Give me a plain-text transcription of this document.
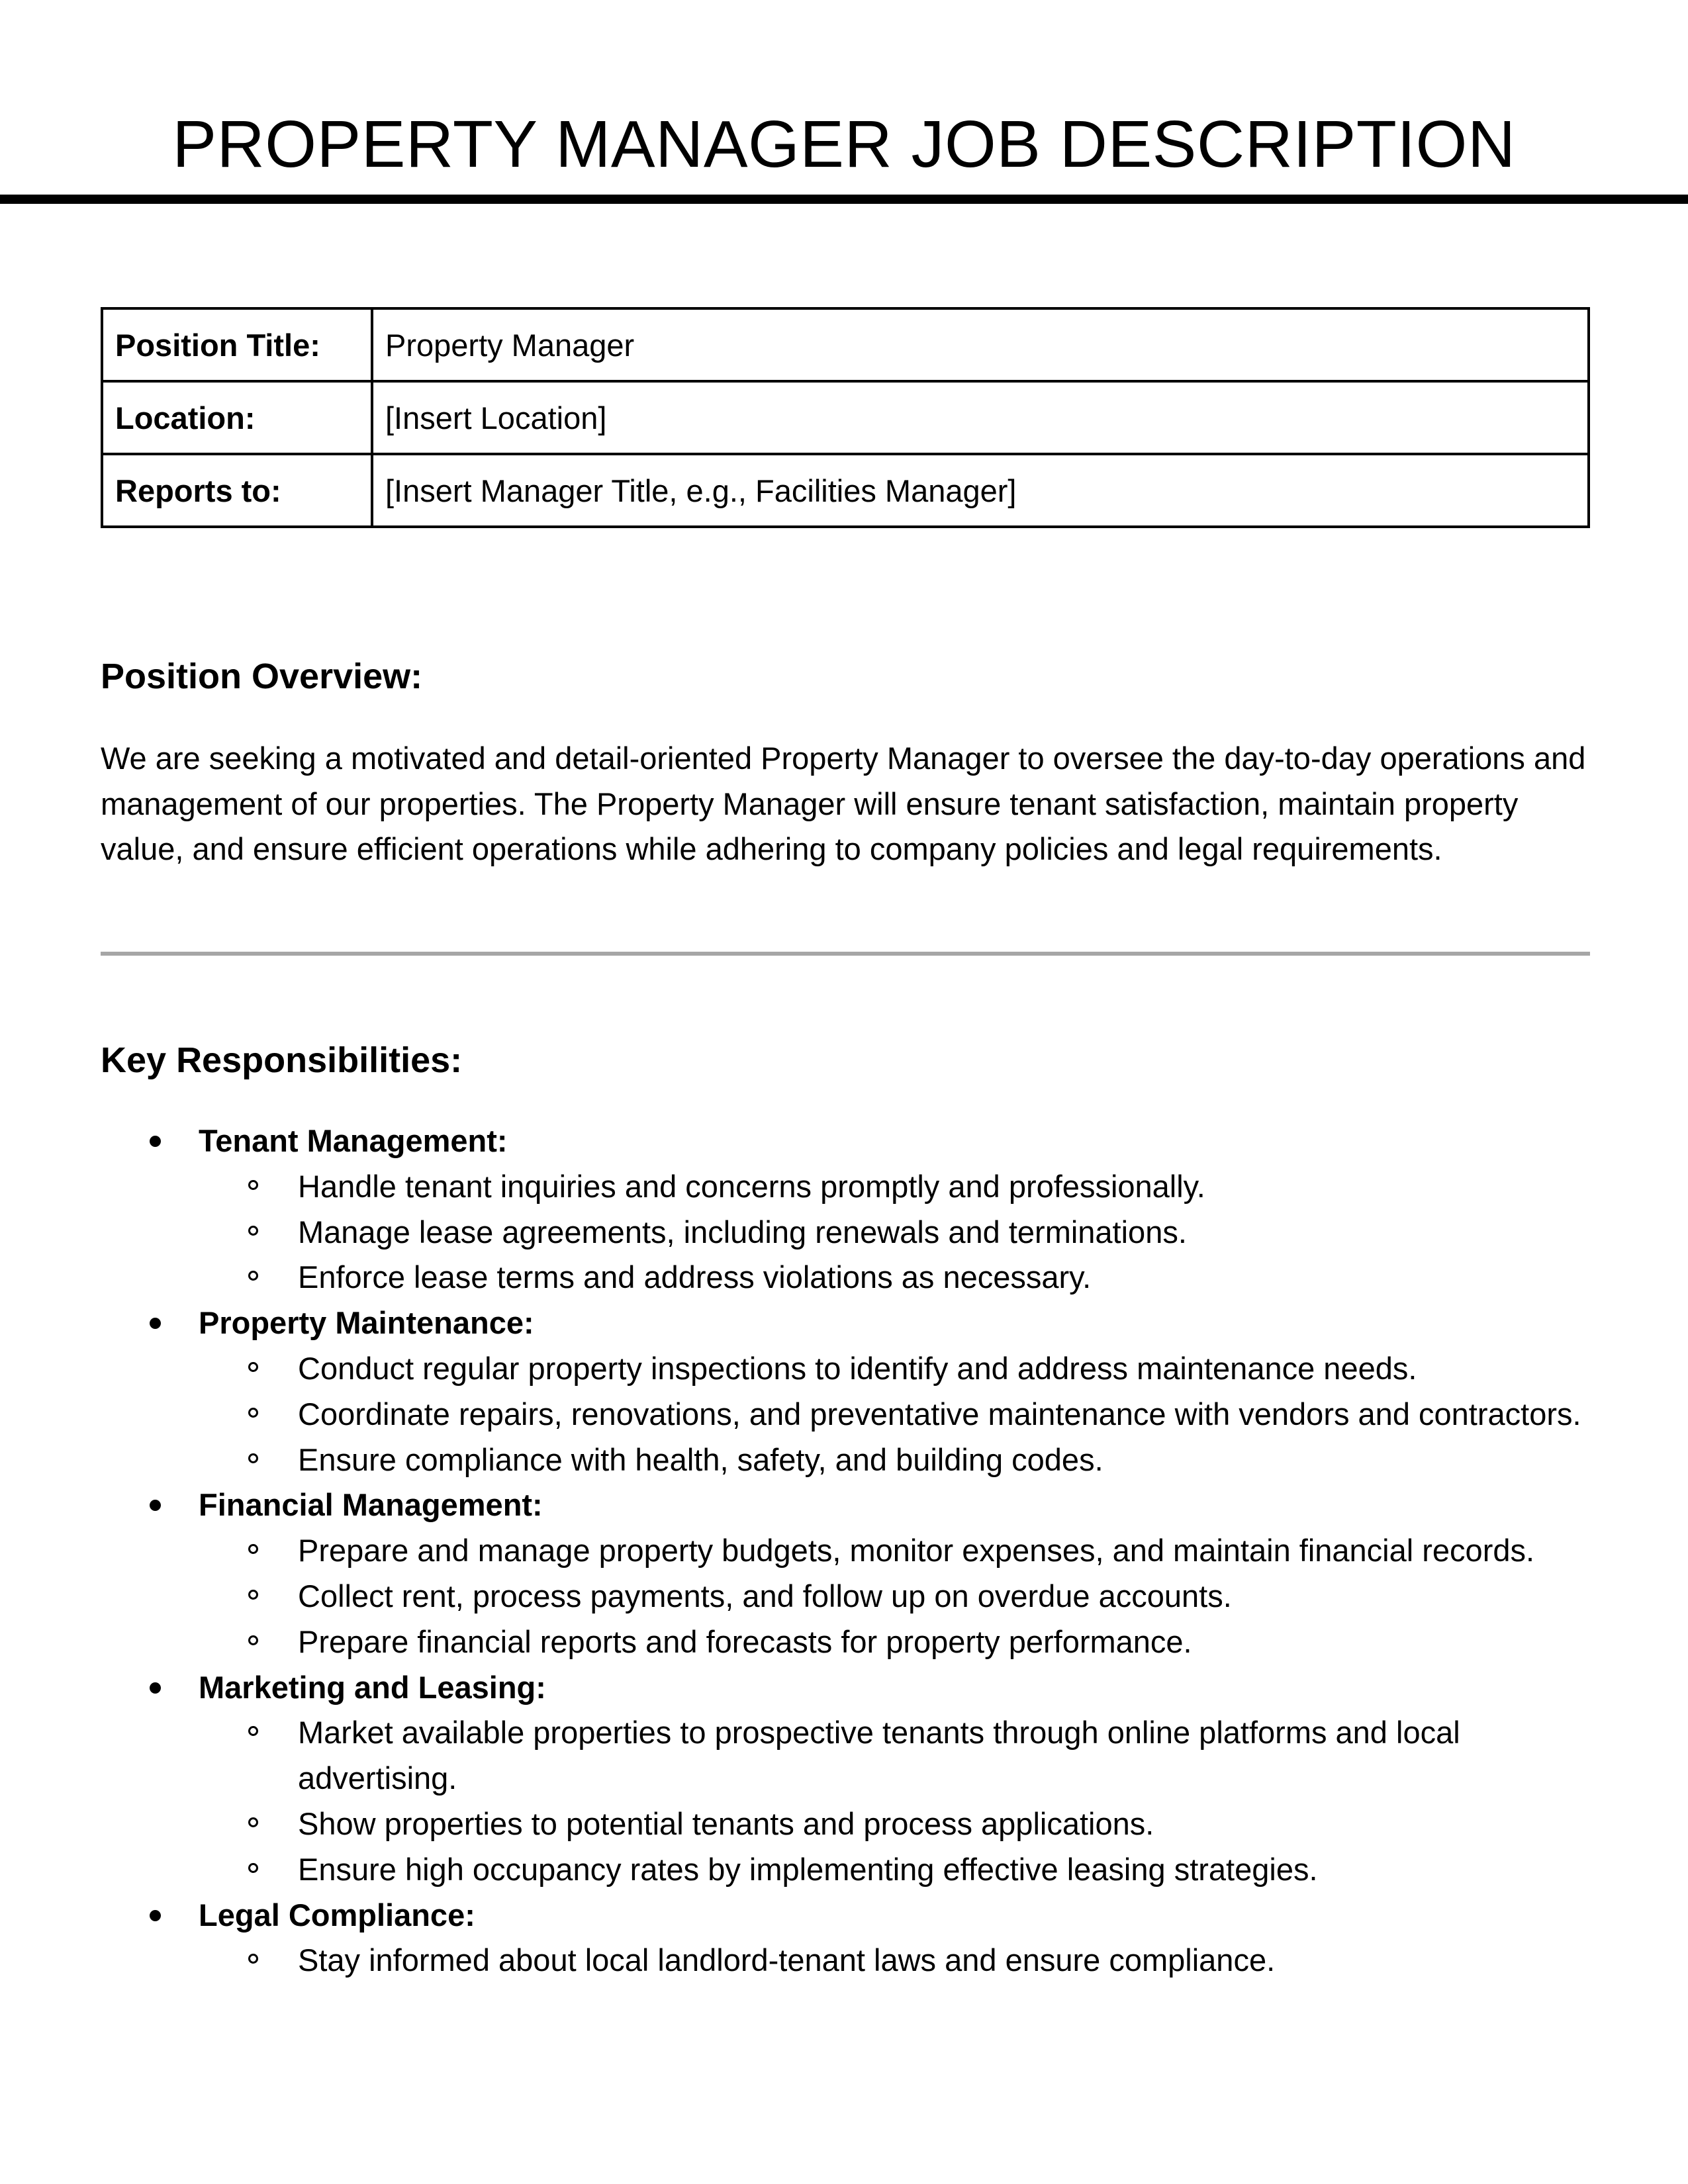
PROPERTY MANAGER JOB DESCRIPTION
Position Title:	Property Manager
Location:	[Insert Location]
Reports to:	[Insert Manager Title, e.g., Facilities Manager]
Position Overview:

We are seeking a motivated and detail-oriented Property Manager to oversee the day-to-day operations and management of our properties. The Property Manager will ensure tenant satisfaction, maintain property value, and ensure efficient operations while adhering to company policies and legal requirements.

Key Responsibilities:
Tenant Management:
Handle tenant inquiries and concerns promptly and professionally.
Manage lease agreements, including renewals and terminations.
Enforce lease terms and address violations as necessary.
Property Maintenance:
Conduct regular property inspections to identify and address maintenance needs.
Coordinate repairs, renovations, and preventative maintenance with vendors and contractors.
Ensure compliance with health, safety, and building codes.
Financial Management:
Prepare and manage property budgets, monitor expenses, and maintain financial records.
Collect rent, process payments, and follow up on overdue accounts.
Prepare financial reports and forecasts for property performance.
Marketing and Leasing:
Market available properties to prospective tenants through online platforms and local advertising.
Show properties to potential tenants and process applications.
Ensure high occupancy rates by implementing effective leasing strategies.
Legal Compliance:
Stay informed about local landlord-tenant laws and ensure compliance.
